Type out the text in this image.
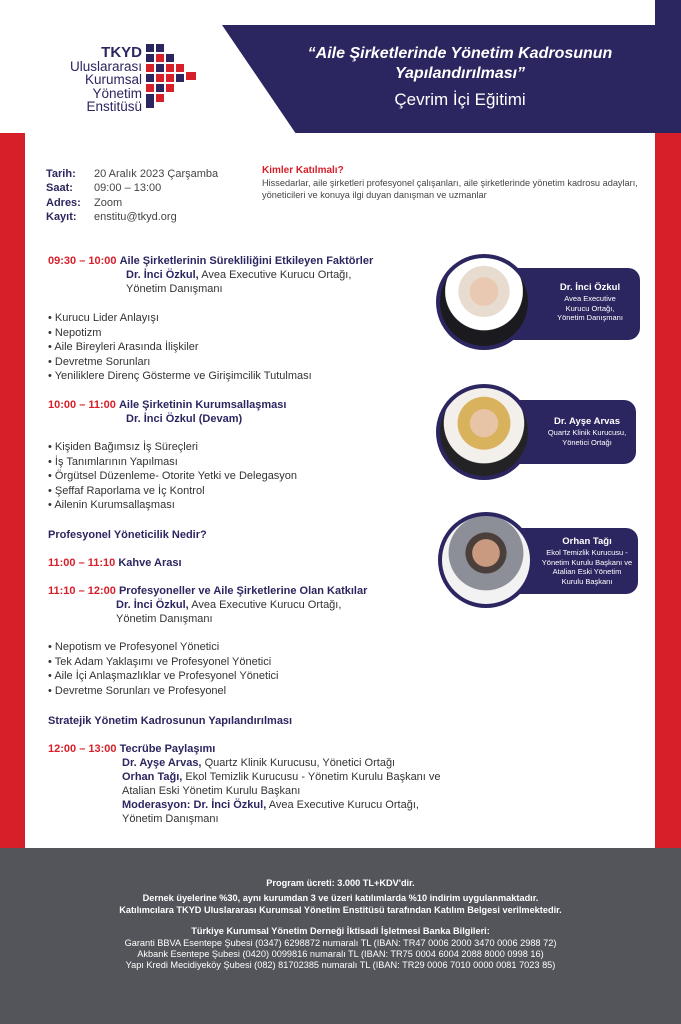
“Aile Şirketlerinde Yönetim Kadrosunun Yapılandırılması”
Çevrim İçi Eğitimi
TKYD
Uluslararası
Kurumsal
Yönetim
Enstitüsü
Tarih: 20 Aralık 2023 Çarşamba
Saat: 09:00 – 13:00
Adres: Zoom
Kayıt: enstitu@tkyd.org
Kimler Katılmalı?
Hissedarlar, aile şirketleri profesyonel çalışanları, aile şirketlerinde yönetim kadrosu adayları, yöneticileri ve konuya ilgi duyan danışman ve uzmanlar
09:30 – 10:00 Aile Şirketlerinin Sürekliliğini Etkileyen Faktörler
Dr. İnci Özkul, Avea Executive Kurucu Ortağı,
Yönetim Danışmanı
• Kurucu Lider Anlayışı
• Nepotizm
• Aile Bireyleri Arasında İlişkiler
• Devretme Sorunları
• Yeniliklere Direnç Gösterme ve Girişimcilik Tutulması
10:00 – 11:00 Aile Şirketinin Kurumsallaşması
Dr. İnci Özkul (Devam)
• Kişiden Bağımsız İş Süreçleri
• İş Tanımlarının Yapılması
• Örgütsel Düzenleme- Otorite Yetki ve Delegasyon
• Şeffaf Raporlama ve İç Kontrol
• Ailenin Kurumsallaşması
Profesyonel Yöneticilik Nedir?
11:00 – 11:10 Kahve Arası
11:10 – 12:00 Profesyoneller ve Aile Şirketlerine Olan Katkılar
Dr. İnci Özkul, Avea Executive Kurucu Ortağı,
Yönetim Danışmanı
• Nepotism ve Profesyonel Yönetici
• Tek Adam Yaklaşımı ve Profesyonel Yönetici
• Aile İçi Anlaşmazlıklar ve Profesyonel Yönetici
• Devretme Sorunları ve Profesyonel
Stratejik Yönetim Kadrosunun Yapılandırılması
12:00 – 13:00 Tecrübe Paylaşımı
Dr. Ayşe Arvas, Quartz Klinik Kurucusu, Yönetici Ortağı
Orhan Tağı, Ekol Temizlik Kurucusu - Yönetim Kurulu Başkanı ve
Atalian Eski Yönetim Kurulu Başkanı
Moderasyon: Dr. İnci Özkul, Avea Executive Kurucu Ortağı,
Yönetim Danışmanı
Dr. İnci Özkul
Avea Executive
Kurucu Ortağı,
Yönetim Danışmanı
Dr. Ayşe Arvas
Quartz Klinik Kurucusu,
Yönetici Ortağı
Orhan Tağı
Ekol Temizlik Kurucusu -
Yönetim Kurulu Başkanı ve
Atalian Eski Yönetim
Kurulu Başkanı
Program ücreti: 3.000 TL+KDV'dir.
Dernek üyelerine %30, aynı kurumdan 3 ve üzeri katılımlarda %10 indirim uygulanmaktadır.
Katılımcılara TKYD Uluslararası Kurumsal Yönetim Enstitüsü tarafından Katılım Belgesi verilmektedir.
Türkiye Kurumsal Yönetim Derneği İktisadi İşletmesi Banka Bilgileri:
Garanti BBVA Esentepe Şubesi (0347) 6298872 numaralı TL (IBAN: TR47 0006 2000 3470 0006 2988 72)
Akbank Esentepe Şubesi (0420) 0099816 numaralı TL (IBAN: TR75 0004 6004 2088 8000 0998 16)
Yapı Kredi Mecidiyeköy Şubesi (082) 81702385 numaralı TL (IBAN: TR29 0006 7010 0000 0081 7023 85)
